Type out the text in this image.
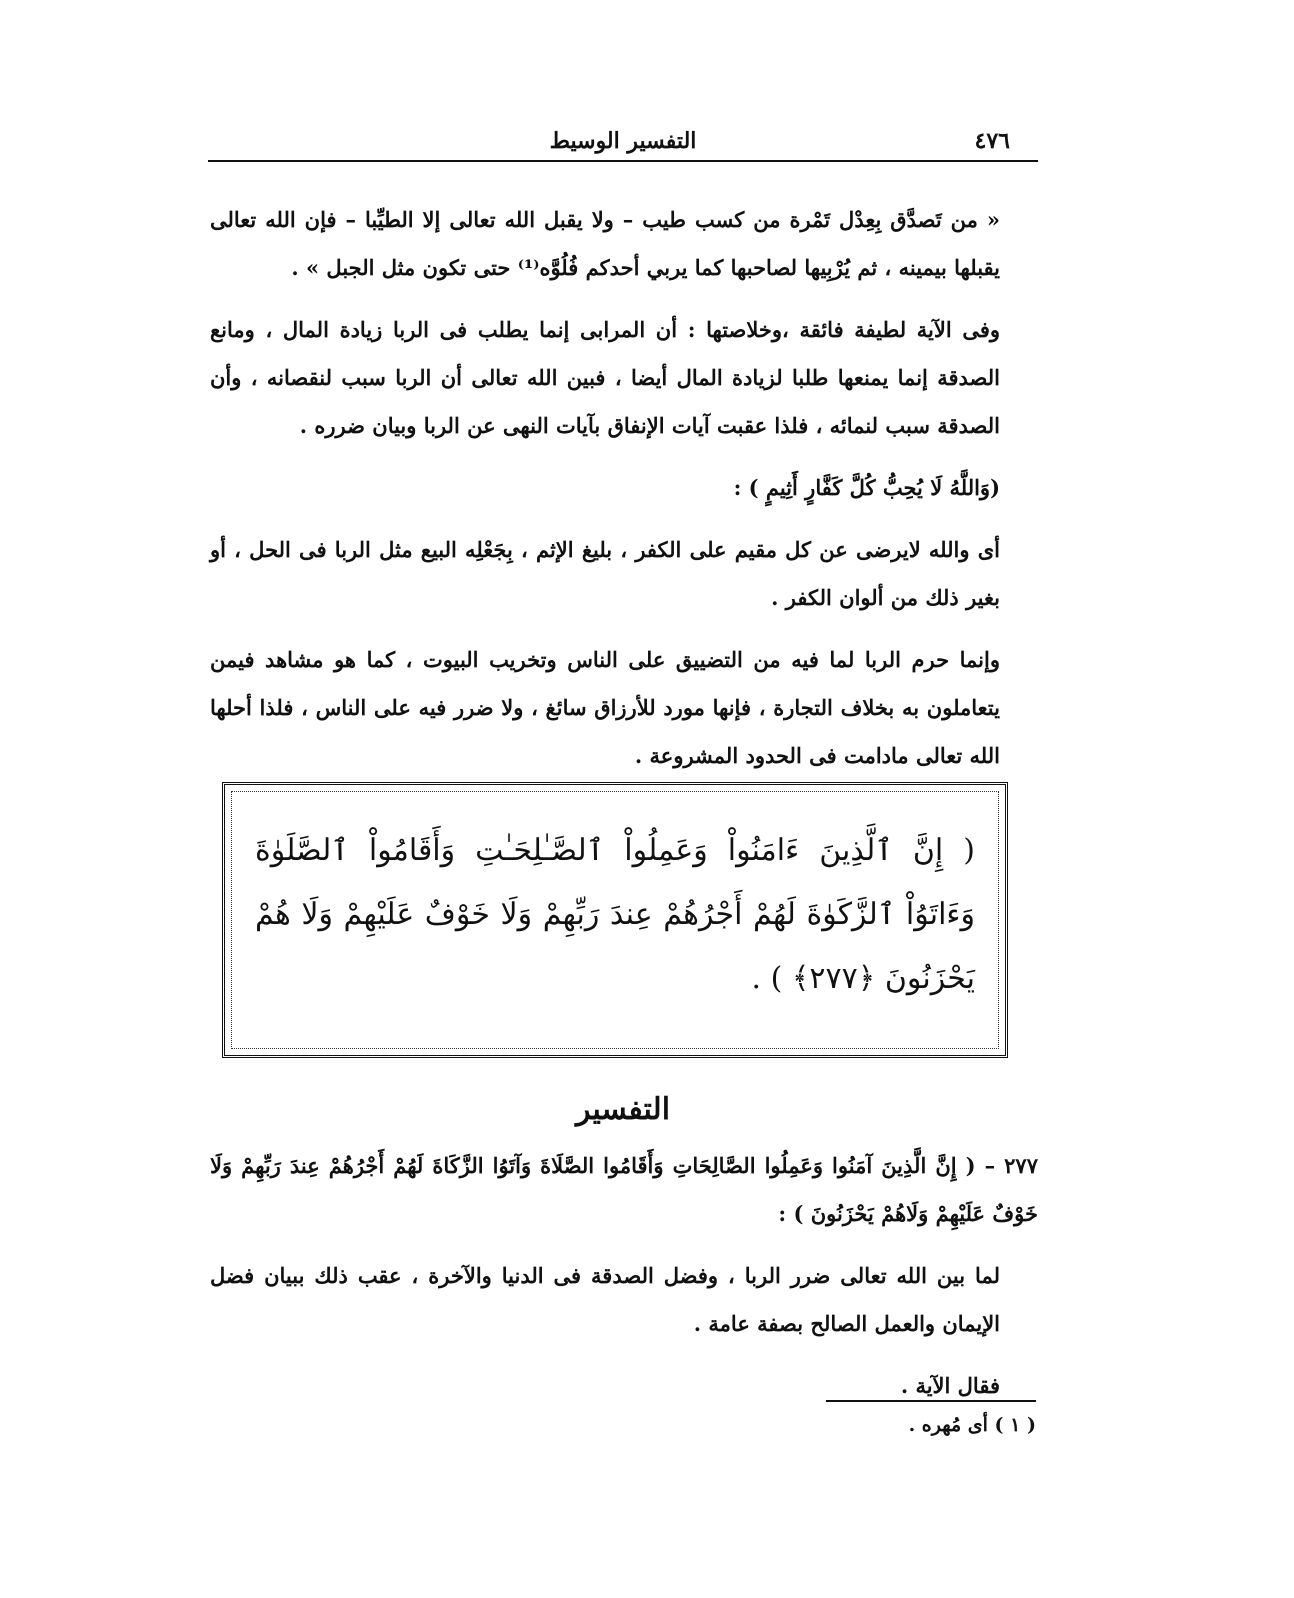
٤٧٦
التفسير الوسيط

« من تَصدَّق بِعِدْل تَمْرة من كسب طيب – ولا يقبل الله تعالى إلا الطيِّبا – فإن الله تعالى يقبلها بيمينه ، ثم يُرْبِيها لصاحبها كما يربي أحدكم فُلُوَّه⁽¹⁾ حتى تكون مثل الجبل » .

وفى الآية لطيفة فائقة ،وخلاصتها : أن المرابى إنما يطلب فى الربا زيادة المال ، ومانع الصدقة إنما يمنعها طلبا لزيادة المال أيضا ، فبين الله تعالى أن الربا سبب لنقصانه ، وأن الصدقة سبب لنمائه ، فلذا عقبت آيات الإنفاق بآيات النهى عن الربا وبيان ضرره .

(وَاللَّهُ لَا يُحِبُّ كُلَّ كَفَّارٍ أَثِيمٍ ) :

أى والله لايرضى عن كل مقيم على الكفر ، بليغ الإثم ، بِجَعْلِه البيع مثل الربا فى الحل ، أو بغير ذلك من ألوان الكفر .

وإنما حرم الربا لما فيه من التضييق على الناس وتخريب البيوت ، كما هو مشاهد فيمن يتعاملون به بخلاف التجارة ، فإنها مورد للأرزاق سائغ ، ولا ضرر فيه على الناس ، فلذا أحلها الله تعالى مادامت فى الحدود المشروعة .

( إِنَّ ٱلَّذِينَ ءَامَنُواْ وَعَمِلُواْ ٱلصَّـٰلِحَـٰتِ وَأَقَامُواْ ٱلصَّلَوٰةَ وَءَاتَوُاْ ٱلزَّكَوٰةَ لَهُمْ أَجْرُهُمْ عِندَ رَبِّهِمْ وَلَا خَوْفٌ عَلَيْهِمْ وَلَا هُمْ يَحْزَنُونَ ﴿٢٧٧﴾ ) .
التفسير

٢٧٧ – ( إِنَّ الَّذِينَ آمَنُوا وَعَمِلُوا الصَّالِحَاتِ وَأَقَامُوا الصَّلَاةَ وَآتَوُا الزَّكَاةَ لَهُمْ أَجْرُهُمْ عِندَ رَبِّهِمْ وَلَا خَوْفٌ عَلَيْهِمْ وَلَاهُمْ يَحْزَنُونَ ) :

لما بين الله تعالى ضرر الربا ، وفضل الصدقة فى الدنيا والآخرة ، عقب ذلك ببيان فضل الإيمان والعمل الصالح بصفة عامة .

فقال الآية .

( ١ ) أى مُهره .
